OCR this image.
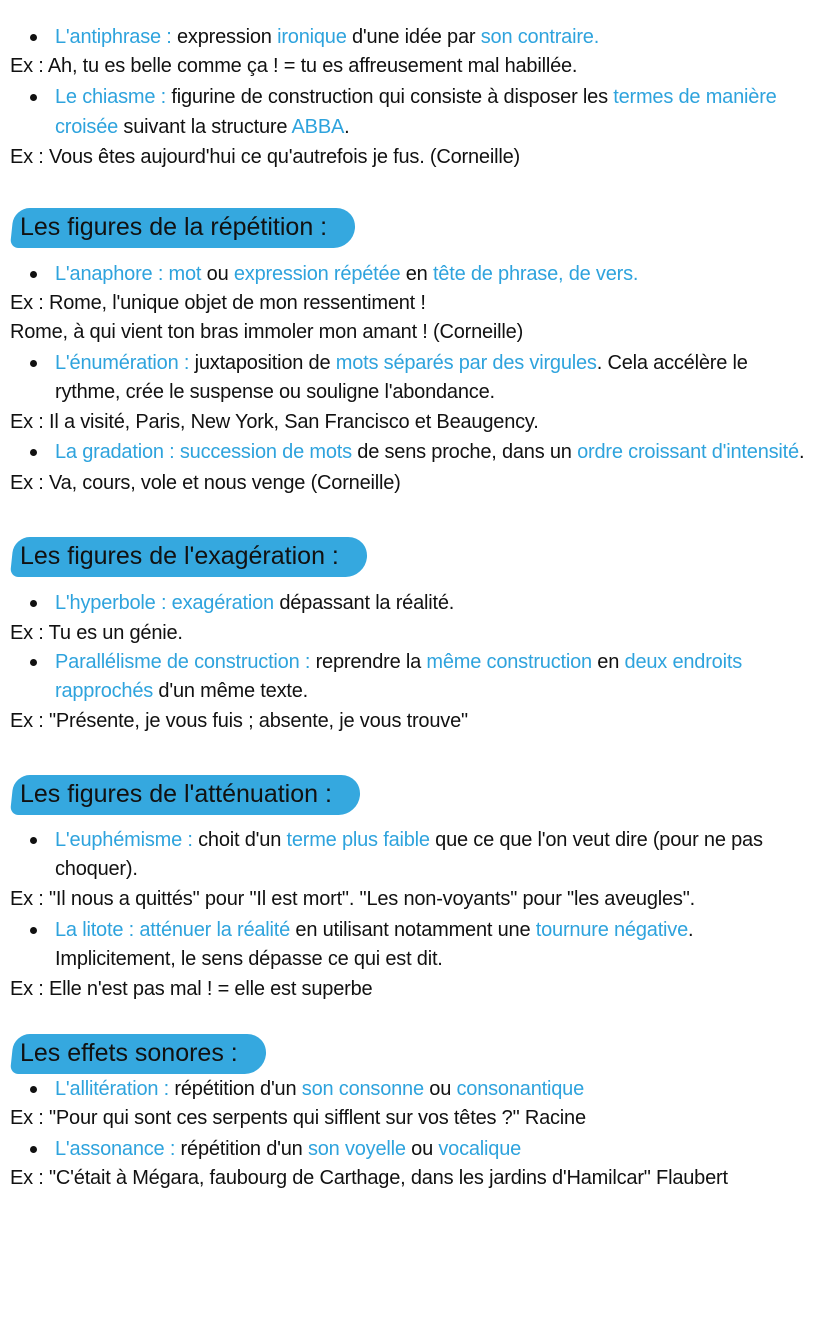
L'antiphrase : expression ironique d'une idée par son contraire.
Ex : Ah, tu es belle comme ça ! = tu es affreusement mal habillée.
Le chiasme : figurine de construction qui consiste à disposer les termes de manière
croisée suivant la structure ABBA.
Ex : Vous êtes aujourd'hui ce qu'autrefois je fus. (Corneille)
Les figures de la répétition :
L'anaphore : mot ou expression répétée en tête de phrase, de vers.
Ex : Rome, l'unique objet de mon ressentiment !
Rome, à qui vient ton bras immoler mon amant ! (Corneille)
L'énumération : juxtaposition de mots séparés par des virgules. Cela accélère le
rythme, crée le suspense ou souligne l'abondance.
Ex : Il a visité, Paris, New York, San Francisco et Beaugency.
La gradation : succession de mots de sens proche, dans un ordre croissant d'intensité.
Ex : Va, cours, vole et nous venge (Corneille)
Les figures de l'exagération :
L'hyperbole : exagération dépassant la réalité.
Ex : Tu es un génie.
Parallélisme de construction : reprendre la même construction en deux endroits
rapprochés d'un même texte.
Ex : "Présente, je vous fuis ; absente, je vous trouve"
Les figures de l'atténuation :
L'euphémisme : choit d'un terme plus faible que ce que l'on veut dire (pour ne pas
choquer).
Ex : "Il nous a quittés" pour "Il est mort". "Les non-voyants" pour "les aveugles".
La litote : atténuer la réalité en utilisant notamment une tournure négative.
Implicitement, le sens dépasse ce qui est dit.
Ex : Elle n'est pas mal ! = elle est superbe
Les effets sonores :
L'allitération : répétition d'un son consonne ou consonantique
Ex : "Pour qui sont ces serpents qui sifflent sur vos têtes ?" Racine
L'assonance : répétition d'un son voyelle ou vocalique
Ex : "C'était à Mégara, faubourg de Carthage, dans les jardins d'Hamilcar" Flaubert
